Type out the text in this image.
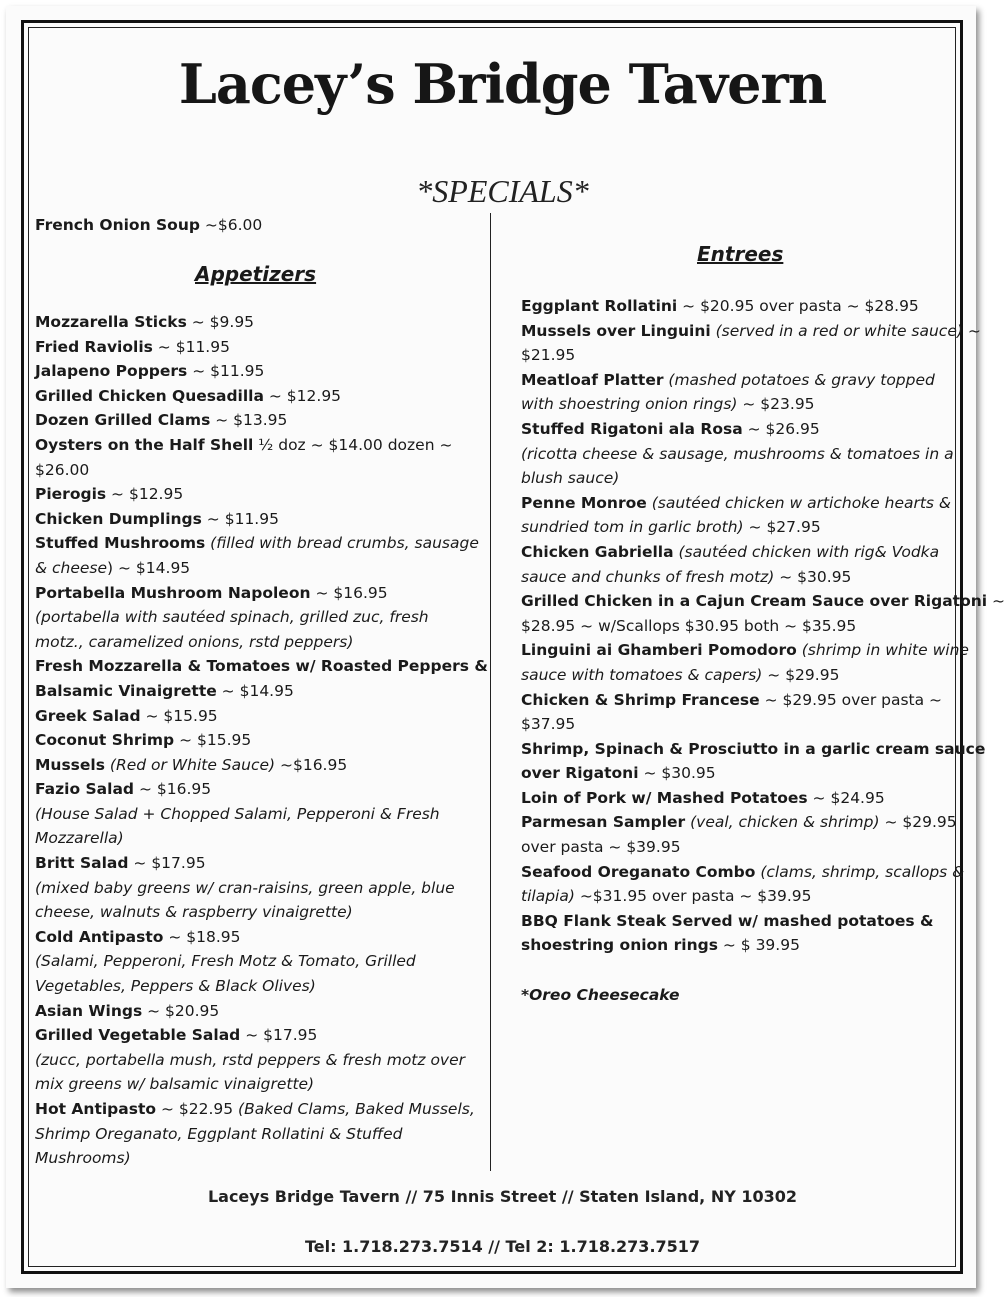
Lacey’s Bridge Tavern
*SPECIALS*
French Onion Soup ~$6.00
Appetizers
Entrees
Mozzarella Sticks ~ $9.95
Fried Raviolis ~ $11.95
Jalapeno Poppers ~ $11.95
Grilled Chicken Quesadilla ~ $12.95
Dozen Grilled Clams ~ $13.95
Oysters on the Half Shell ½ doz ~ $14.00 dozen ~
$26.00
Pierogis ~ $12.95
Chicken Dumplings ~ $11.95
Stuffed Mushrooms (filled with bread crumbs, sausage
& cheese) ~ $14.95
Portabella Mushroom Napoleon ~ $16.95
(portabella with sautéed spinach, grilled zuc, fresh
motz., caramelized onions, rstd peppers)
Fresh Mozzarella & Tomatoes w/ Roasted Peppers &
Balsamic Vinaigrette ~ $14.95
Greek Salad ~ $15.95
Coconut Shrimp ~ $15.95
Mussels (Red or White Sauce) ~$16.95
Fazio Salad ~ $16.95
(House Salad + Chopped Salami, Pepperoni & Fresh
Mozzarella)
Britt Salad ~ $17.95
(mixed baby greens w/ cran-raisins, green apple, blue
cheese, walnuts & raspberry vinaigrette)
Cold Antipasto ~ $18.95
(Salami, Pepperoni, Fresh Motz & Tomato, Grilled
Vegetables, Peppers & Black Olives)
Asian Wings ~ $20.95
Grilled Vegetable Salad ~ $17.95
(zucc, portabella mush, rstd peppers & fresh motz over
mix greens w/ balsamic vinaigrette)
Hot Antipasto ~ $22.95 (Baked Clams, Baked Mussels,
Shrimp Oreganato, Eggplant Rollatini & Stuffed
Mushrooms)
Eggplant Rollatini ~ $20.95 over pasta ~ $28.95
Mussels over Linguini (served in a red or white sauce) ~
$21.95
Meatloaf Platter (mashed potatoes & gravy topped
with shoestring onion rings) ~ $23.95
Stuffed Rigatoni ala Rosa ~ $26.95
(ricotta cheese & sausage, mushrooms & tomatoes in a
blush sauce)
Penne Monroe (sautéed chicken w artichoke hearts &
sundried tom in garlic broth) ~ $27.95
Chicken Gabriella (sautéed chicken with rig& Vodka
sauce and chunks of fresh motz) ~ $30.95
Grilled Chicken in a Cajun Cream Sauce over Rigatoni ~
$28.95 ~ w/Scallops $30.95 both ~ $35.95
Linguini ai Ghamberi Pomodoro (shrimp in white wine
sauce with tomatoes & capers) ~ $29.95
Chicken & Shrimp Francese ~ $29.95 over pasta ~
$37.95
Shrimp, Spinach & Prosciutto in a garlic cream sauce
over Rigatoni ~ $30.95
Loin of Pork w/ Mashed Potatoes ~ $24.95
Parmesan Sampler (veal, chicken & shrimp) ~ $29.95
over pasta ~ $39.95
Seafood Oreganato Combo (clams, shrimp, scallops &
tilapia) ~$31.95 over pasta ~ $39.95
BBQ Flank Steak Served w/ mashed potatoes &
shoestring onion rings ~ $ 39.95
*Oreo Cheesecake
Laceys Bridge Tavern // 75 Innis Street // Staten Island, NY 10302
Tel: 1.718.273.7514 // Tel 2: 1.718.273.7517
